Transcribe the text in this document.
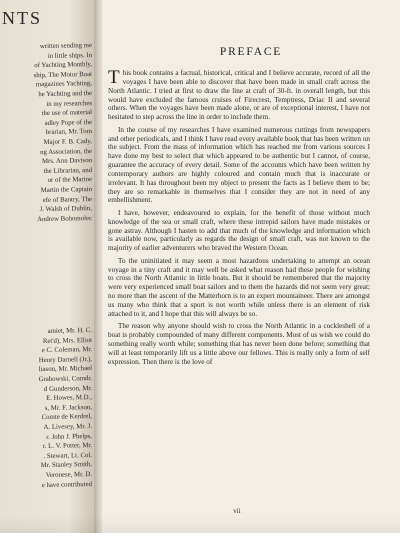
NTS
written sending me
in little ships. In
of Yachting Monthly,
ship, The Motor Boat
magazines Yachting,
he Yachting and the
in my researches
the use of material
adley Pope of the
brarian, Mr. Tom
Major F. B. Cady,
ng Association, the
Mrs. Ann Davison
the Librarian, and
or of the Marine
Martin the Captain
efe of Bantry, The
J. Walsh of Dublin,
Andrew Bohomolec
amiet, Mr. H. C.
Ret'd), Mrs. Elliot
e C. Coleman, Mr.
Henry Darnell (Jr.),
liason, Mr. Michael
Grabowski, Comdr.
d Gunderson, Mr.
E. Howes, M.D.,
s, Mr. F. Jackson,
Comte de Kerdrel,
A. Livesey, Mr. J.
r. John J. Phelps,
r. L. V. Potter, Mr.
. Stewart, Lt. Col.
Mr. Stanley Smith,
Veronese, Mr. D.
e have contributed
PREFACE

This book contains a factual, historical, critical and I believe accurate, record of all the voyages I have been able to discover that have been made in small craft across the North Atlantic. I tried at first to draw the line at craft of 30-ft. in overall length, but this would have excluded the famous cruises of Firecrest, Temptress, Driac II and several others. When the voyages have been made alone, or are of exceptional interest, I have not hesitated to step across the line in order to include them.

In the course of my researches I have examined numerous cuttings from newspapers and other periodicals, and I think I have read every available book that has been written on the subject. From the mass of information which has reached me from various sources I have done my best to select that which appeared to be authentic but I cannot, of course, guarantee the accuracy of every detail. Some of the accounts which have been written by contemporary authors are highly coloured and contain much that is inaccurate or irrelevant. It has throughout been my object to present the facts as I believe them to be; they are so remarkable in themselves that I consider they are not in need of any embellishment.

I have, however, endeavoured to explain, for the benefit of those without much knowledge of the sea or small craft, where these intrepid sailors have made mistakes or gone astray. Although I hasten to add that much of the knowledge and information which is available now, particularly as regards the design of small craft, was not known to the majority of earlier adventurers who braved the Western Ocean.

To the uninitiated it may seem a most hazardous undertaking to attempt an ocean voyage in a tiny craft and it may well be asked what reason had these people for wishing to cross the North Atlantic in little boats. But it should be remembered that the majority were very experienced small boat sailors and to them the hazards did not seem very great; no more than the ascent of the Matterhorn is to an expert mountaineer. There are amongst us many who think that a sport is not worth while unless there is an element of risk attached to it, and I hope that this will always be so.

The reason why anyone should wish to cross the North Atlantic in a cockleshell of a boat is probably compounded of many different components. Most of us wish we could do something really worth while; something that has never been done before; something that will at least temporarily lift us a little above our fellows. This is really only a form of self expression. Then there is the love of

vii
